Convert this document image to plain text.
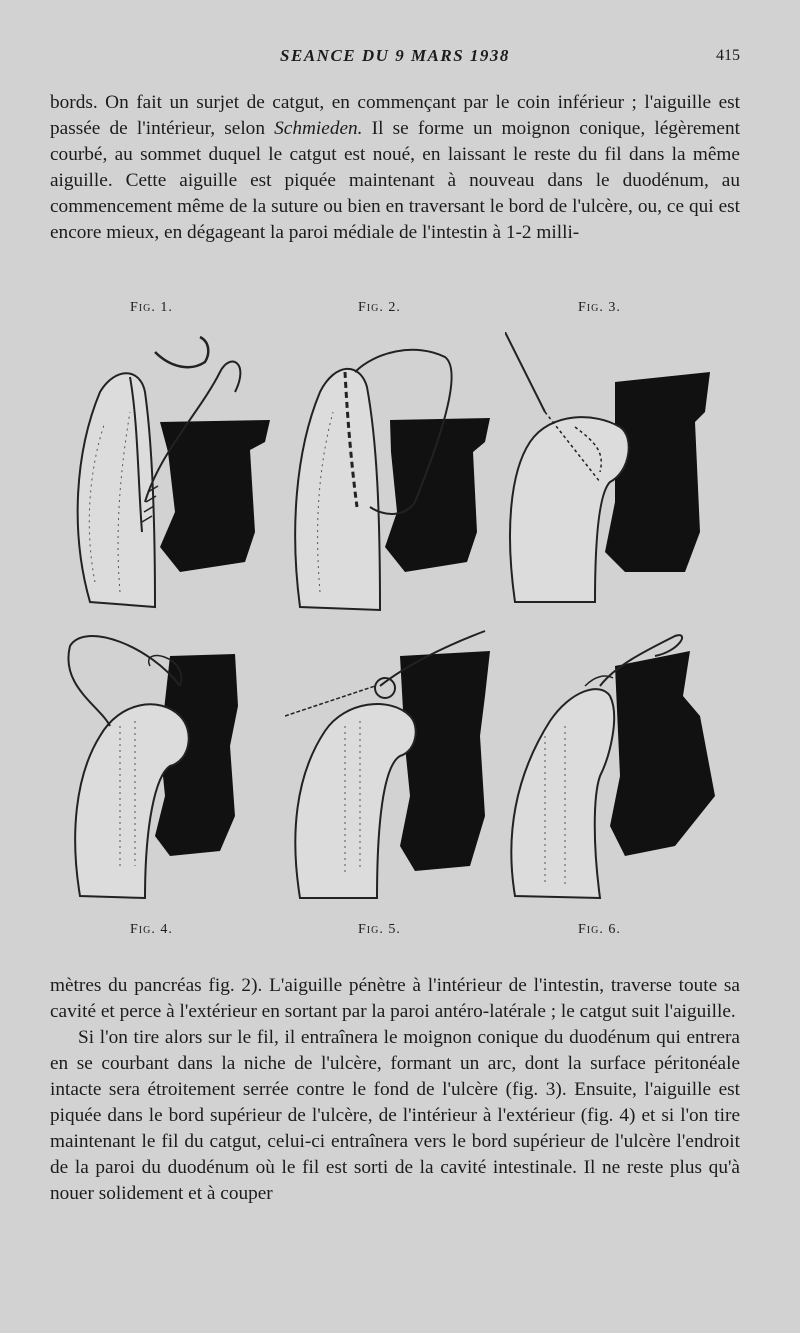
SEANCE DU 9 MARS 1938	415

bords. On fait un surjet de catgut, en commençant par le coin inférieur ; l'aiguille est passée de l'intérieur, selon Schmieden. Il se forme un moignon conique, légèrement courbé, au sommet duquel le catgut est noué, en laissant le reste du fil dans la même aiguille. Cette aiguille est piquée maintenant à nouveau dans le duodénum, au commencement même de la suture ou bien en traversant le bord de l'ulcère, ou, ce qui est encore mieux, en dégageant la paroi médiale de l'intestin à 1-2 milli-

Fig. 1.	Fig. 2.	Fig. 3.
Fig. 4.	Fig. 5.	Fig. 6.

mètres du pancréas fig. 2). L'aiguille pénètre à l'intérieur de l'intestin, traverse toute sa cavité et perce à l'extérieur en sortant par la paroi antéro-latérale ; le catgut suit l'aiguille.

Si l'on tire alors sur le fil, il entraînera le moignon conique du duodénum qui entrera en se courbant dans la niche de l'ulcère, formant un arc, dont la surface péritonéale intacte sera étroitement serrée contre le fond de l'ulcère (fig. 3). Ensuite, l'aiguille est piquée dans le bord supérieur de l'ulcère, de l'intérieur à l'extérieur (fig. 4) et si l'on tire maintenant le fil du catgut, celui-ci entraînera vers le bord supérieur de l'ulcère l'endroit de la paroi du duodénum où le fil est sorti de la cavité intestinale. Il ne reste plus qu'à nouer solidement et à couper
